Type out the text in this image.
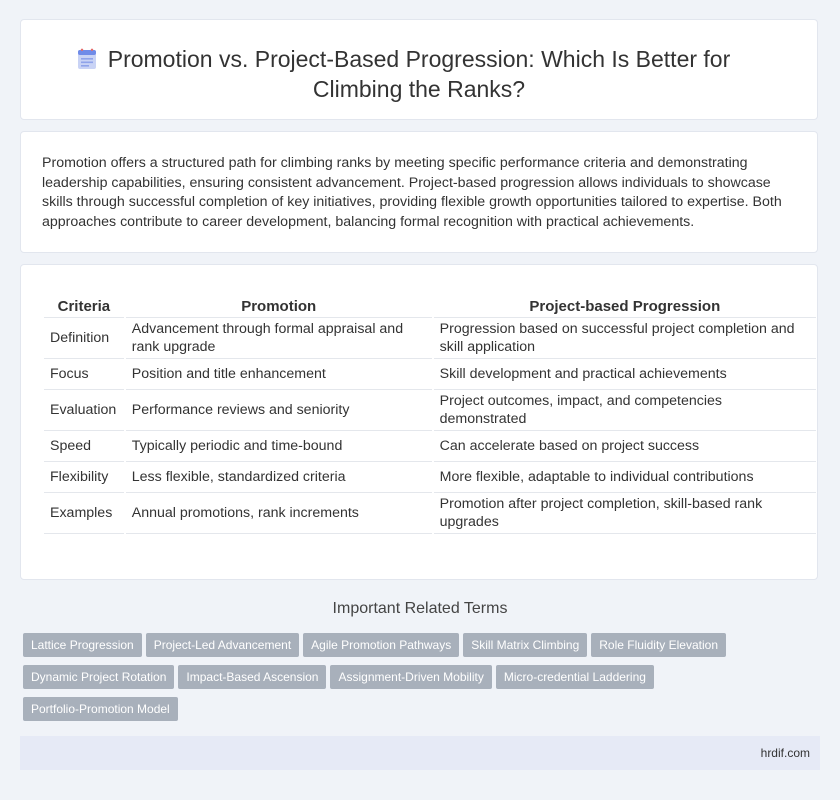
Promotion vs. Project-Based Progression: Which Is Better for Climbing the Ranks?

Promotion offers a structured path for climbing ranks by meeting specific performance criteria and demonstrating leadership capabilities, ensuring consistent advancement. Project-based progression allows individuals to showcase skills through successful completion of key initiatives, providing flexible growth opportunities tailored to expertise. Both approaches contribute to career development, balancing formal recognition with practical achievements.

Criteria	Promotion	Project-based Progression
Definition	Advancement through formal appraisal and rank upgrade	Progression based on successful project completion and skill application
Focus	Position and title enhancement	Skill development and practical achievements
Evaluation	Performance reviews and seniority	Project outcomes, impact, and competencies demonstrated
Speed	Typically periodic and time-bound	Can accelerate based on project success
Flexibility	Less flexible, standardized criteria	More flexible, adaptable to individual contributions
Examples	Annual promotions, rank increments	Promotion after project completion, skill-based rank upgrades
Important Related Terms
Lattice Progression Project-Led Advancement Agile Promotion Pathways Skill Matrix Climbing Role Fluidity ElevationDynamic Project Rotation Impact-Based Ascension Assignment-Driven Mobility Micro-credential LadderingPortfolio-Promotion Model
hrdif.com
